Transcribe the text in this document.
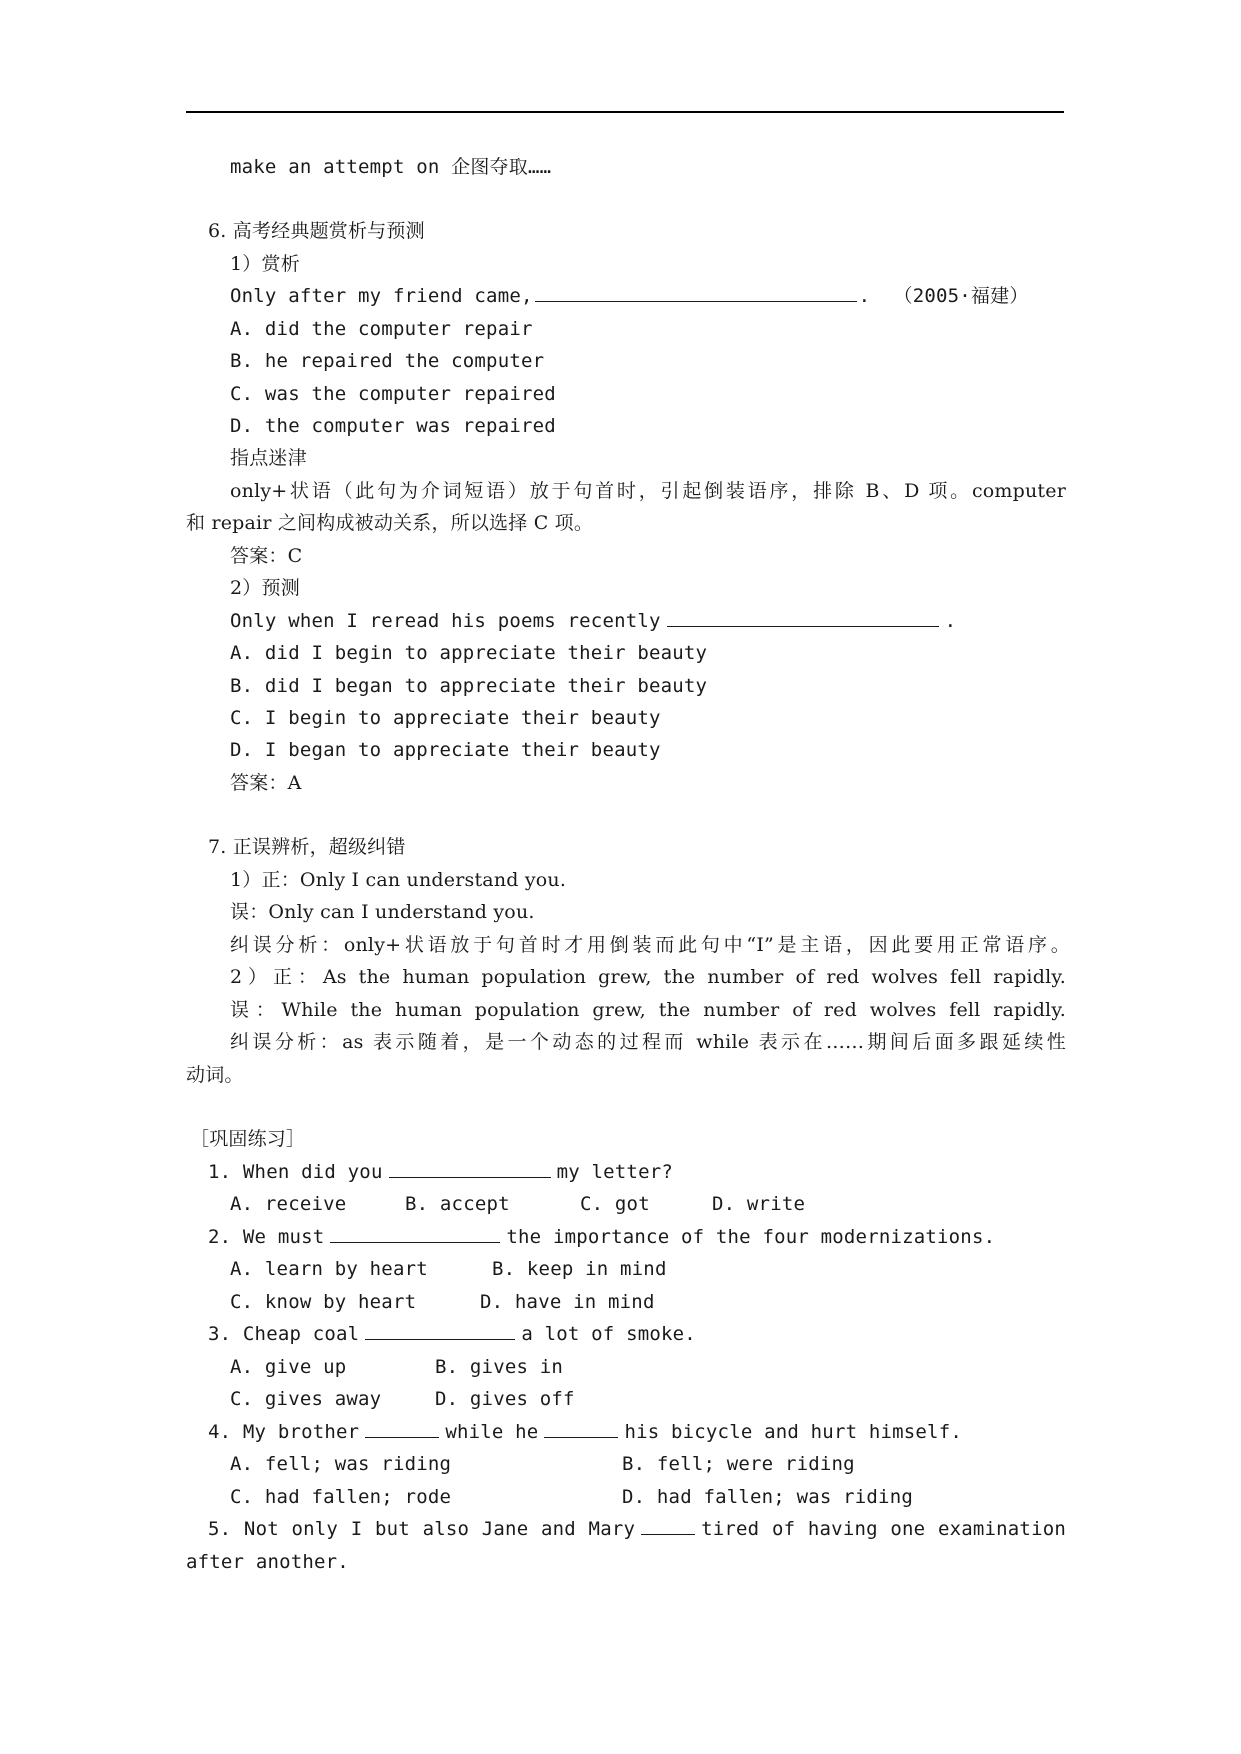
make an attempt on 企图夺取……

6. 高考经典题赏析与预测

1）赏析

Only after my friend came,	.  （2005·福建）

A. did the computer repair

B. he repaired the computer

C. was the computer repaired

D. the computer was repaired

指点迷津

only+状语（此句为介词短语）放于句首时，引起倒装语序，排除 B、D 项。computer

和 repair 之间构成被动关系，所以选择 C 项。

答案：C

2）预测

Only when I reread his poems recently	.

A. did I begin to appreciate their beauty

B. did I began to appreciate their beauty

C. I begin to appreciate their beauty

D. I began to appreciate their beauty

答案：A

7. 正误辨析，超级纠错

1）正：Only I can understand you.

误：Only can I understand you.

纠误分析：only+状语放于句首时才用倒装而此句中“I”是主语，因此要用正常语序。

2）正：As the human population grew, the number of red wolves fell rapidly.

误：While the human population grew, the number of red wolves fell rapidly.

纠误分析：as 表示随着，是一个动态的过程而 while 表示在……期间后面多跟延续性

动词。

［巩固练习］

1. When did you	my letter?

A. receive	B. accept	C. got	D. write

2. We must	the importance of the four modernizations.

A. learn by heart	B. keep in mind

C. know by heart	D. have in mind

3. Cheap coal	a lot of smoke.

A. give up	B. gives in

C. gives away	D. gives off

4. My brother	while he	his bicycle and hurt himself.

A. fell; was riding	B. fell; were riding

C. had fallen; rode	D. had fallen; was riding

5. Not only I but also Jane and Mary	tired of having one examination

after another.
